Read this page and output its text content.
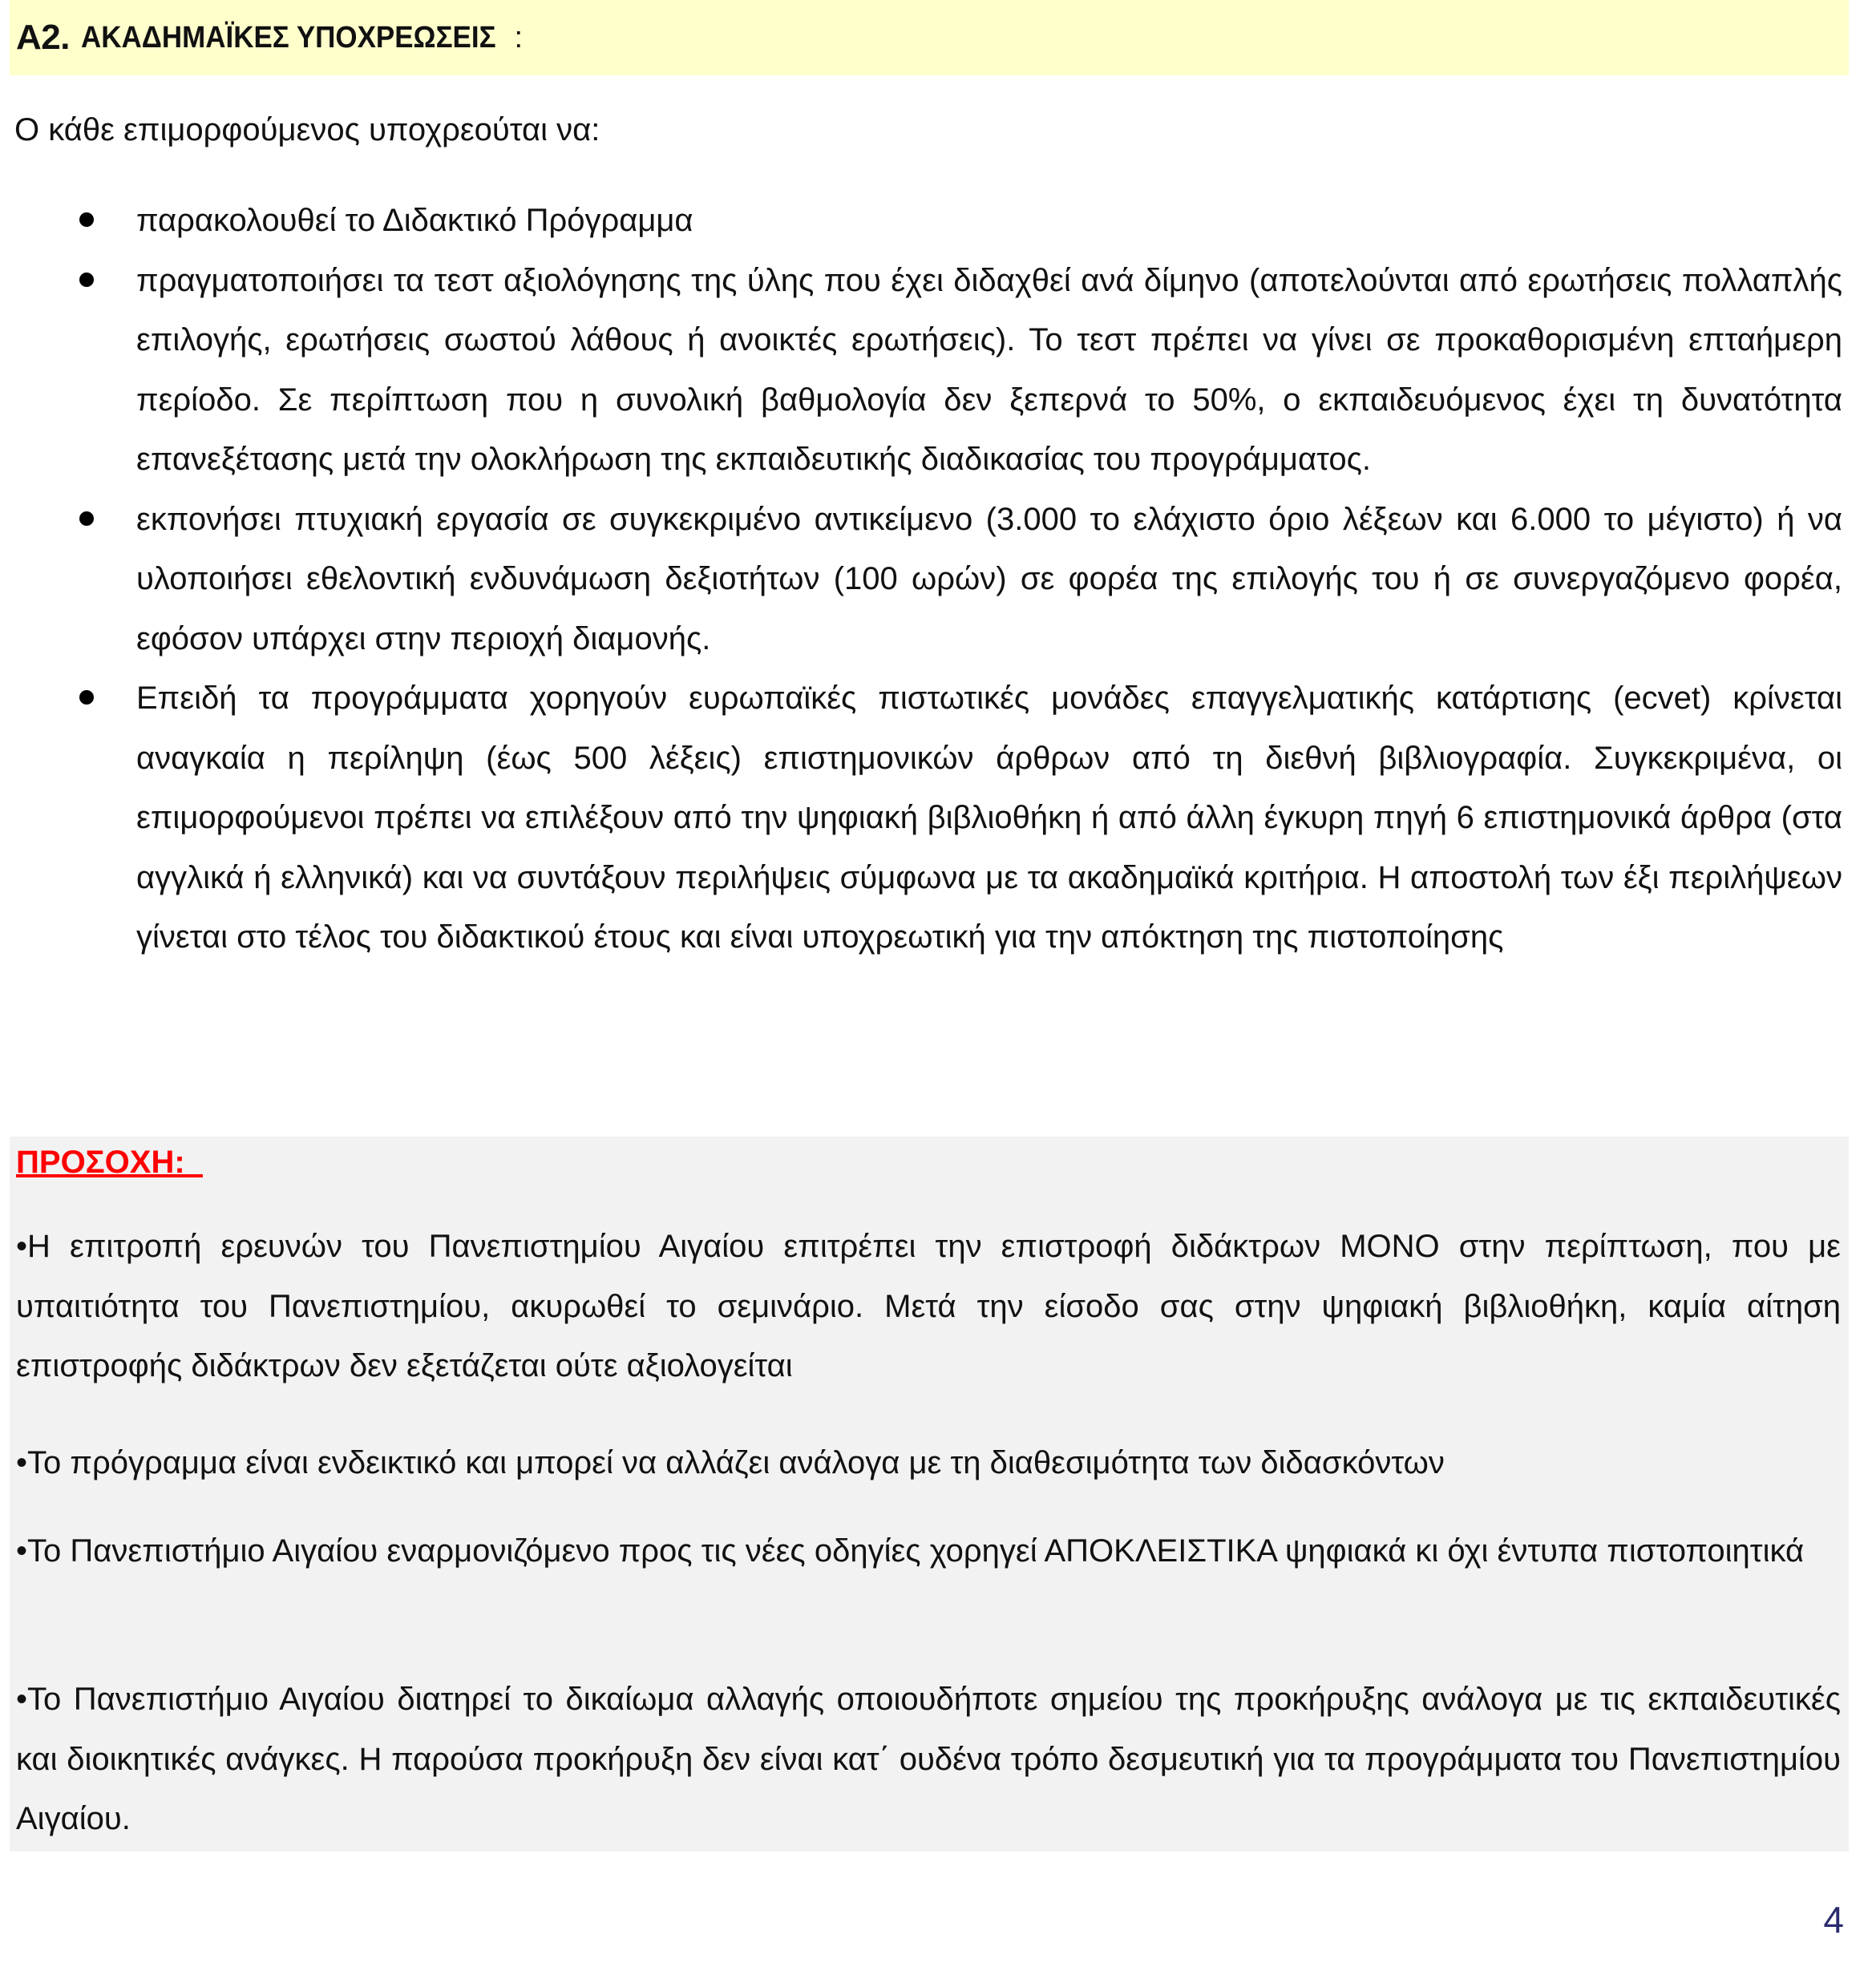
Α2. ΑΚΑΔΗΜΑΪΚΕΣ ΥΠΟΧΡΕΩΣΕΙΣ :
Ο κάθε επιμορφούμενος υποχρεούται να:
παρακολουθεί το Διδακτικό Πρόγραμμα
πραγματοποιήσει τα τεστ αξιολόγησης της ύλης που έχει διδαχθεί ανά δίμηνο (αποτελούνται από ερωτήσεις πολλαπλής επιλογής, ερωτήσεις σωστού λάθους ή ανοικτές ερωτήσεις). Το τεστ πρέπει να γίνει σε προκαθορισμένη επταήμερη περίοδο. Σε περίπτωση που η συνολική βαθμολογία δεν ξεπερνά το 50%, ο εκπαιδευόμενος έχει τη δυνατότητα επανεξέτασης μετά την ολοκλήρωση της εκπαιδευτικής διαδικασίας του προγράμματος.
εκπονήσει πτυχιακή εργασία σε συγκεκριμένο αντικείμενο (3.000 το ελάχιστο όριο λέξεων και 6.000 το μέγιστο) ή να υλοποιήσει εθελοντική ενδυνάμωση δεξιοτήτων (100 ωρών) σε φορέα της επιλογής του ή σε συνεργαζόμενο φορέα, εφόσον υπάρχει στην περιοχή διαμονής.
Επειδή τα προγράμματα χορηγούν ευρωπαϊκές πιστωτικές μονάδες επαγγελματικής κατάρτισης (ecvet) κρίνεται αναγκαία η περίληψη (έως 500 λέξεις) επιστημονικών άρθρων από τη διεθνή βιβλιογραφία. Συγκεκριμένα, οι επιμορφούμενοι πρέπει να επιλέξουν από την ψηφιακή βιβλιοθήκη ή από άλλη έγκυρη πηγή 6 επιστημονικά άρθρα (στα αγγλικά ή ελληνικά) και να συντάξουν περιλήψεις σύμφωνα με τα ακαδημαϊκά κριτήρια. Η αποστολή των έξι περιλήψεων γίνεται στο τέλος του διδακτικού έτους και είναι υποχρεωτική για την απόκτηση της πιστοποίησης
ΠΡΟΣΟΧΗ:

•Η επιτροπή ερευνών του Πανεπιστημίου Αιγαίου επιτρέπει την επιστροφή διδάκτρων ΜΟΝΟ στην περίπτωση, που με υπαιτιότητα του Πανεπιστημίου, ακυρωθεί το σεμινάριο. Μετά την είσοδο σας στην ψηφιακή βιβλιοθήκη, καμία αίτηση επιστροφής διδάκτρων δεν εξετάζεται ούτε αξιολογείται

•Το πρόγραμμα είναι ενδεικτικό και μπορεί να αλλάζει ανάλογα με τη διαθεσιμότητα των διδασκόντων

•Το Πανεπιστήμιο Αιγαίου εναρμονιζόμενο προς τις νέες οδηγίες χορηγεί ΑΠΟΚΛΕΙΣΤΙΚΑ ψηφιακά κι όχι έντυπα πιστοποιητικά

•Το Πανεπιστήμιο Αιγαίου διατηρεί το δικαίωμα αλλαγής οποιουδήποτε σημείου της προκήρυξης ανάλογα με τις εκπαιδευτικές και διοικητικές ανάγκες. Η παρούσα προκήρυξη δεν είναι κατ΄ ουδένα τρόπο δεσμευτική για τα προγράμματα του Πανεπιστημίου Αιγαίου.

4
